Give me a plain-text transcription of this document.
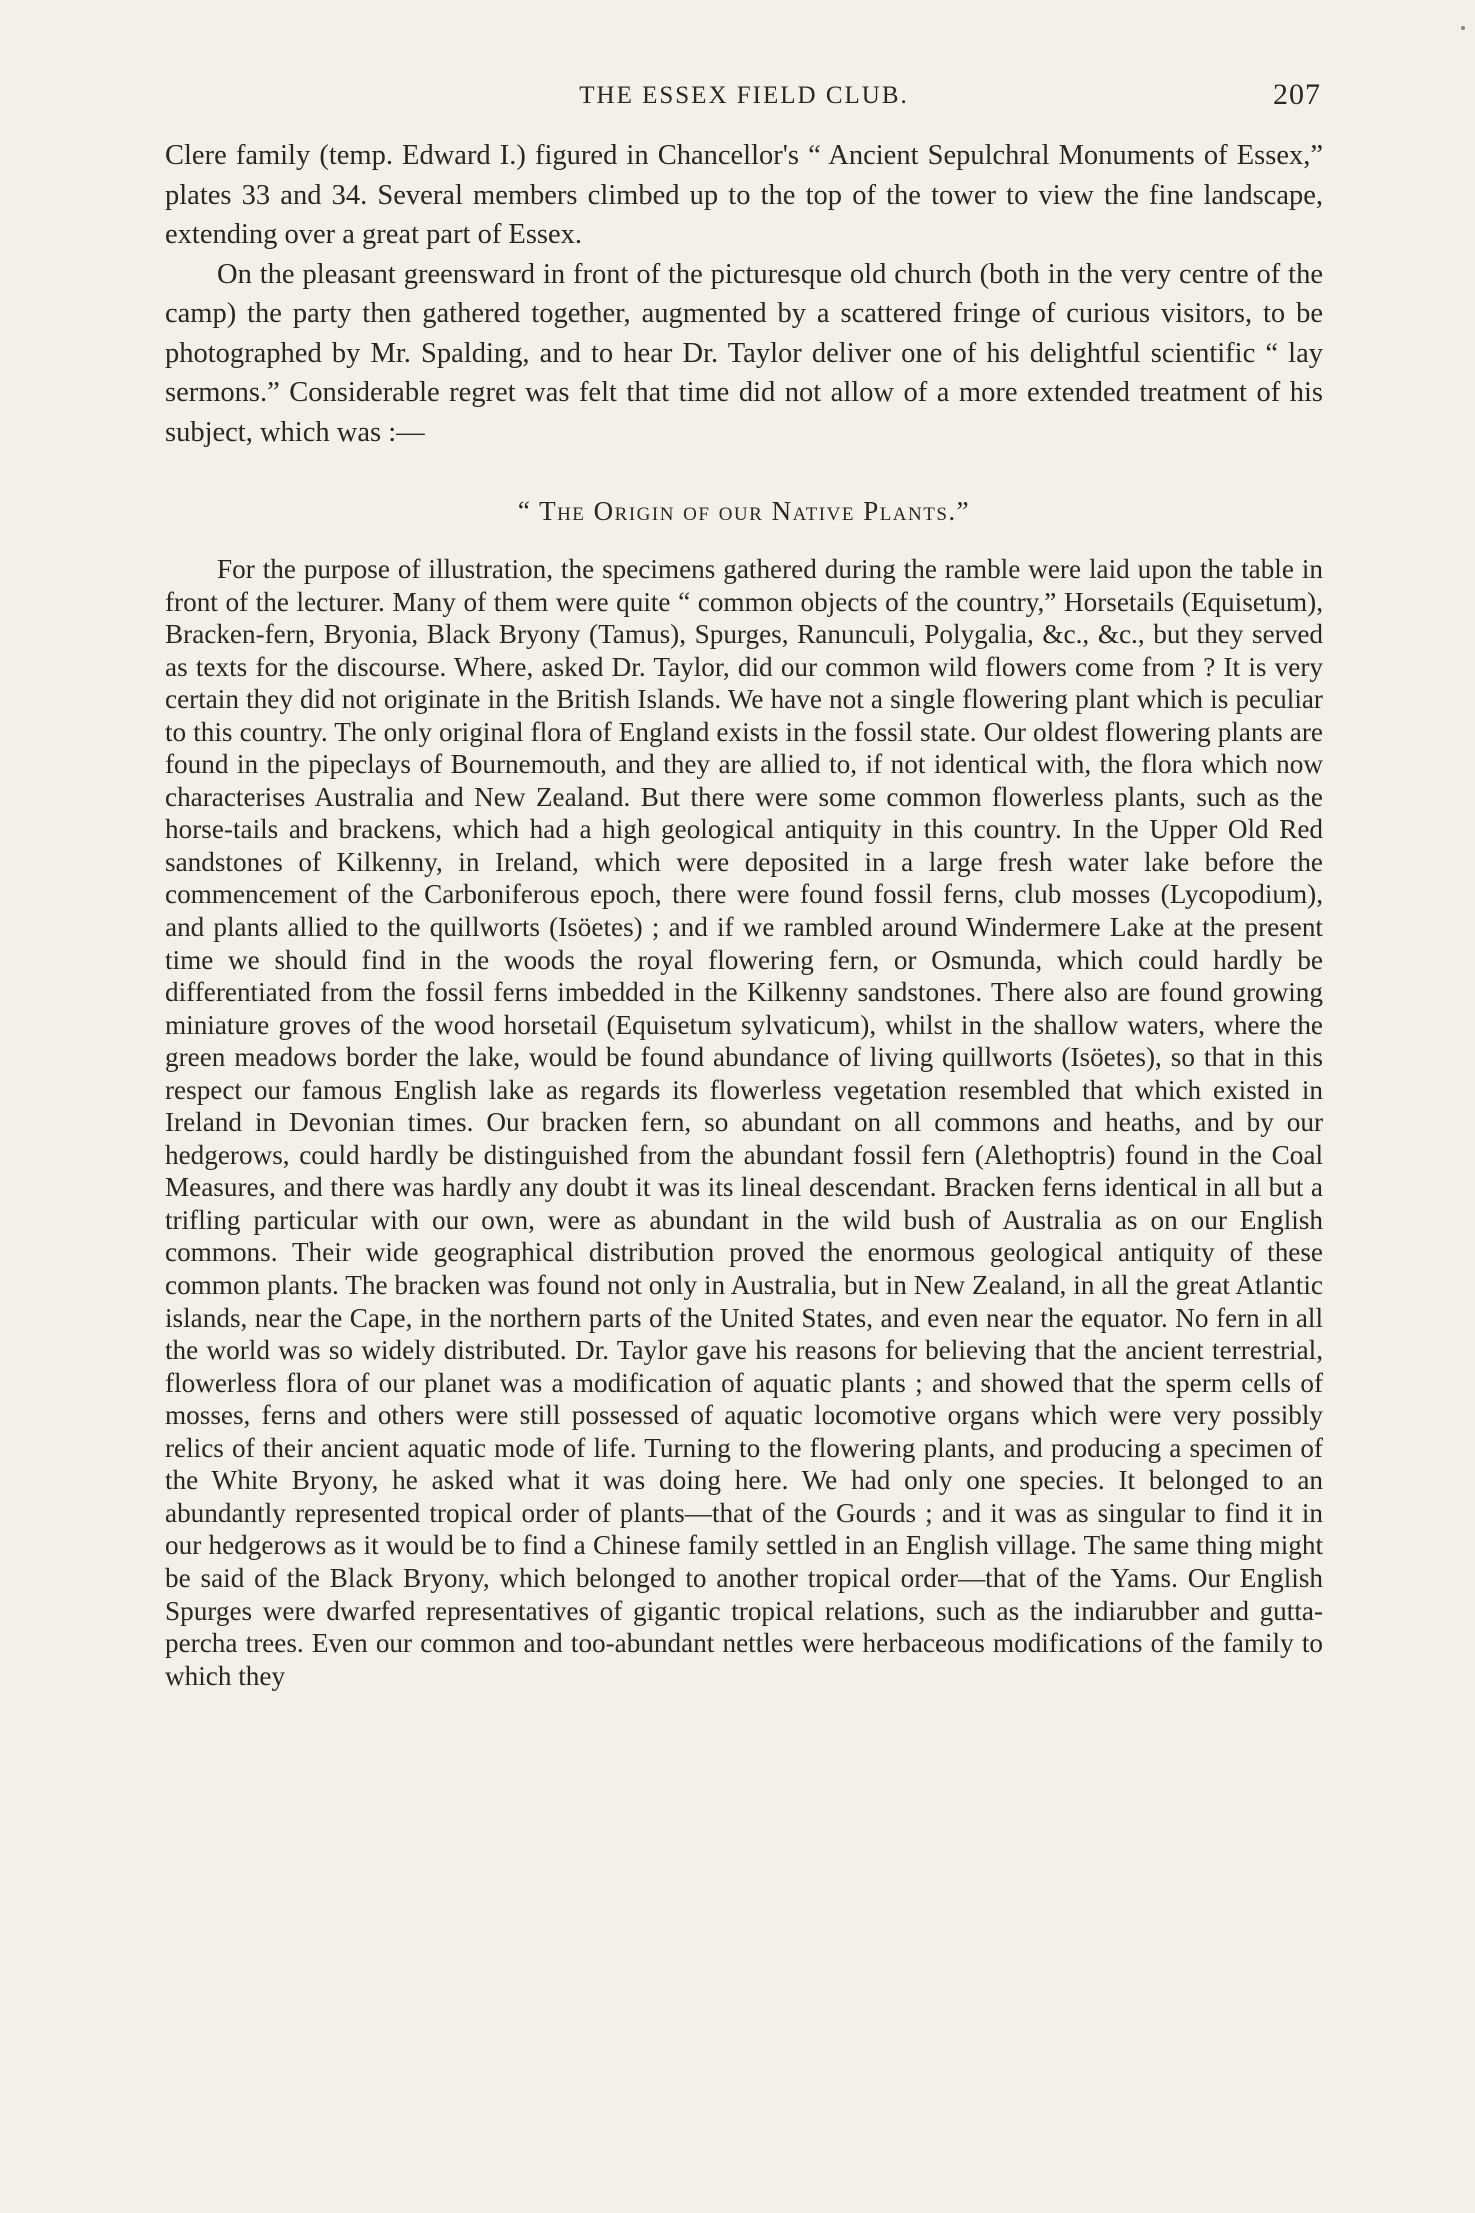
THE ESSEX FIELD CLUB.	207

Clere family (temp. Edward I.) figured in Chancellor's “ Ancient Sepulchral Monuments of Essex,” plates 33 and 34. Several members climbed up to the top of the tower to view the fine landscape, extending over a great part of Essex.

On the pleasant greensward in front of the picturesque old church (both in the very centre of the camp) the party then gathered together, augmented by a scattered fringe of curious visitors, to be photographed by Mr. Spalding, and to hear Dr. Taylor deliver one of his delightful scientific “ lay sermons.” Considerable regret was felt that time did not allow of a more extended treatment of his subject, which was :—

“ The Origin of our Native Plants.”

For the purpose of illustration, the specimens gathered during the ramble were laid upon the table in front of the lecturer. Many of them were quite “ common objects of the country,” Horsetails (Equisetum), Bracken-fern, Bryonia, Black Bryony (Tamus), Spurges, Ranunculi, Polygalia, &c., &c., but they served as texts for the discourse. Where, asked Dr. Taylor, did our common wild flowers come from ? It is very certain they did not originate in the British Islands. We have not a single flowering plant which is peculiar to this country. The only original flora of England exists in the fossil state. Our oldest flowering plants are found in the pipeclays of Bournemouth, and they are allied to, if not identical with, the flora which now characterises Australia and New Zealand. But there were some common flowerless plants, such as the horse-tails and brackens, which had a high geological antiquity in this country. In the Upper Old Red sandstones of Kilkenny, in Ireland, which were deposited in a large fresh water lake before the commencement of the Carboniferous epoch, there were found fossil ferns, club mosses (Lycopodium), and plants allied to the quillworts (Isöetes) ; and if we rambled around Windermere Lake at the present time we should find in the woods the royal flowering fern, or Osmunda, which could hardly be differentiated from the fossil ferns imbedded in the Kilkenny sandstones. There also are found growing miniature groves of the wood horsetail (Equisetum sylvaticum), whilst in the shallow waters, where the green meadows border the lake, would be found abundance of living quillworts (Isöetes), so that in this respect our famous English lake as regards its flowerless vegetation resembled that which existed in Ireland in Devonian times. Our bracken fern, so abundant on all commons and heaths, and by our hedgerows, could hardly be distinguished from the abundant fossil fern (Alethoptris) found in the Coal Measures, and there was hardly any doubt it was its lineal descendant. Bracken ferns identical in all but a trifling particular with our own, were as abundant in the wild bush of Australia as on our English commons. Their wide geographical distribution proved the enormous geological antiquity of these common plants. The bracken was found not only in Australia, but in New Zealand, in all the great Atlantic islands, near the Cape, in the northern parts of the United States, and even near the equator. No fern in all the world was so widely distributed. Dr. Taylor gave his reasons for believing that the ancient terrestrial, flowerless flora of our planet was a modification of aquatic plants ; and showed that the sperm cells of mosses, ferns and others were still possessed of aquatic locomotive organs which were very possibly relics of their ancient aquatic mode of life. Turning to the flowering plants, and producing a specimen of the White Bryony, he asked what it was doing here. We had only one species. It belonged to an abundantly represented tropical order of plants—that of the Gourds ; and it was as singular to find it in our hedgerows as it would be to find a Chinese family settled in an English village. The same thing might be said of the Black Bryony, which belonged to another tropical order—that of the Yams. Our English Spurges were dwarfed representatives of gigantic tropical relations, such as the indiarubber and gutta-percha trees. Even our common and too-abundant nettles were herbaceous modifications of the family to which they
